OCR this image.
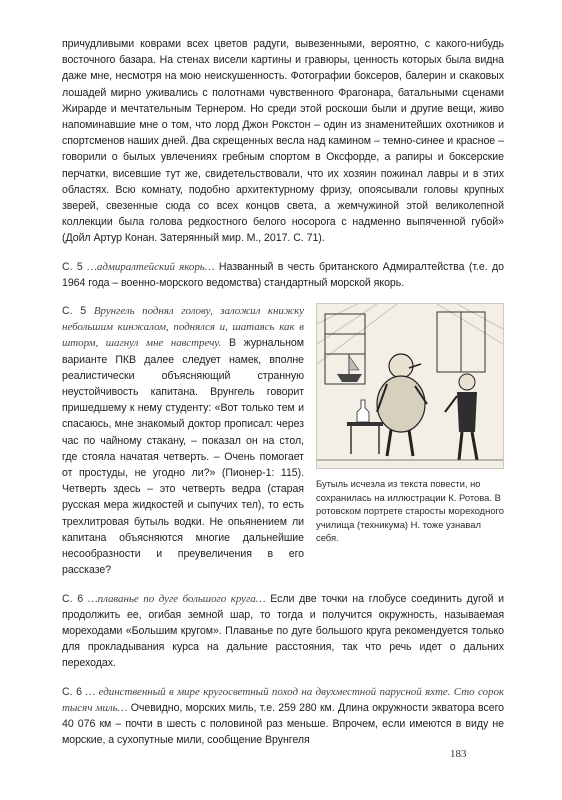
причудливыми коврами всех цветов радуги, вывезенными, вероятно, с какого-нибудь восточного базара. На стенах висели картины и гравюры, ценность которых была видна даже мне, несмотря на мою неискушенность. Фотографии боксеров, балерин и скаковых лошадей мирно уживались с полотнами чувственного Фрагонара, батальными сценами Жирарде и мечтательным Тернером. Но среди этой роскоши были и другие вещи, живо напоминавшие мне о том, что лорд Джон Рокстон – один из знаменитейших охотников и спортсменов наших дней. Два скрещенных весла над камином – темно-синее и красное – говорили о былых увлечениях гребным спортом в Оксфорде, а рапиры и боксерские перчатки, висевшие тут же, свидетельствовали, что их хозяин пожинал лавры и в этих областях. Всю комнату, подобно архитектурному фризу, опоясывали головы крупных зверей, свезенные сюда со всех концов света, а жемчужиной этой великолепной коллекции была голова редкостного белого носорога с надменно выпяченной губой» (Дойл Артур Конан. Затерянный мир. М., 2017. С. 71).

С. 5 …адмиралтейский якорь… Названный в честь британского Адмиралтейства (т.е. до 1964 года – военно-морского ведомства) стандартный морской якорь.

Бутыль исчезла из текста повести, но сохранилась на иллюстрации К. Ротова. В ротовском портрете старосты мореходного училища (техникума) Н. тоже узнавал себя.

С. 5 Врунгель поднял голову, заложил книжку небольшим кинжалом, поднялся и, шатаясь как в шторм, шагнул мне навстречу. В журнальном варианте ПКВ далее следует намек, вполне реалистически объясняющий странную неустойчивость капитана. Врунгель говорит пришедшему к нему студенту: «Вот только тем и спасаюсь, мне знакомый доктор прописал: через час по чайному стакану, – показал он на стол, где стояла начатая четверть. – Очень помогает от простуды, не угодно ли?» (Пионер-1: 115). Четверть здесь – это четверть ведра (старая русская мера жидкостей и сыпучих тел), то есть трехлитровая бутыль водки. Не опьянением ли капитана объясняются многие дальнейшие несообразности и преувеличения в его рассказе?

С. 6 …плаванье по дуге большого круга… Если две точки на глобусе соединить дугой и продолжить ее, огибая земной шар, то тогда и получится окружность, называемая мореходами «Большим кругом». Плаванье по дуге большого круга рекомендуется только для прокладывания курса на дальние расстояния, так что речь идет о дальних переходах.

С. 6 … единственный в мире кругосветный поход на двухместной парусной яхте. Сто сорок тысяч миль… Очевидно, морских миль, т.е. 259 280 км. Длина окружности экватора всего 40 076 км – почти в шесть с половиной раз меньше. Впрочем, если имеются в виду не морские, а сухопутные мили, сообщение Врунгеля

183
